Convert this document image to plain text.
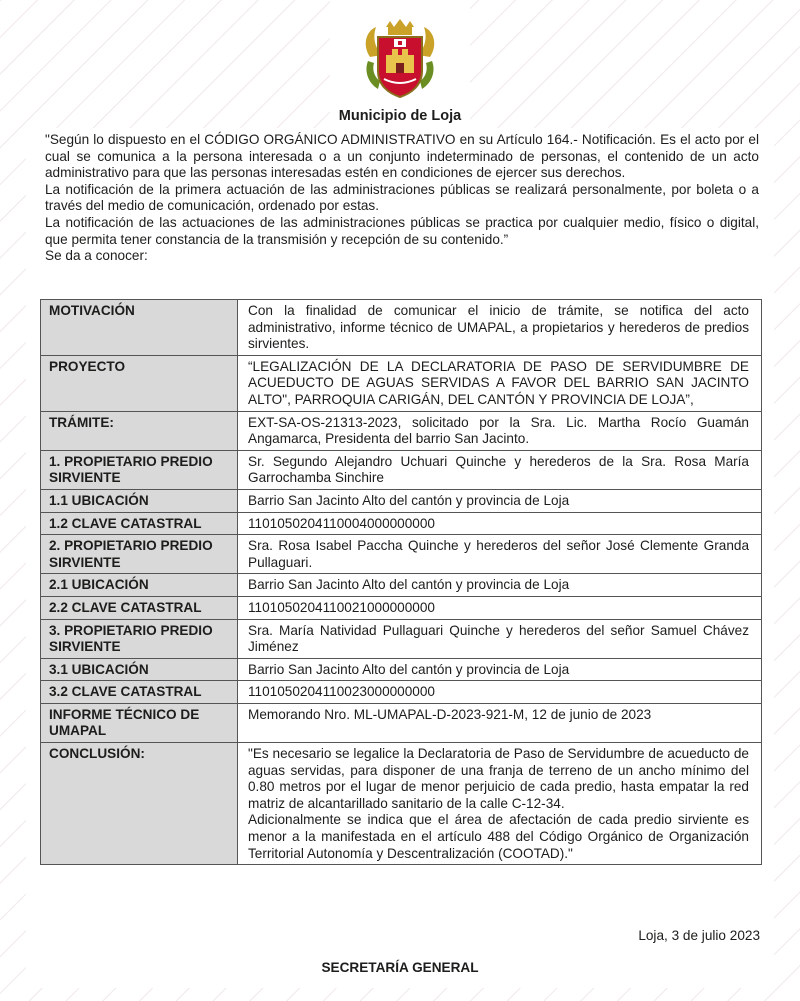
Municipio de Loja

"Según lo dispuesto en el CÓDIGO ORGÁNICO ADMINISTRATIVO en su Artículo 164.- Notificación. Es el acto por el cual se comunica a la persona interesada o a un conjunto indeterminado de personas, el contenido de un acto administrativo para que las personas interesadas estén en condiciones de ejercer sus derechos.

La notificación de la primera actuación de las administraciones públicas se realizará personalmente, por boleta o a través del medio de comunicación, ordenado por estas.

La notificación de las actuaciones de las administraciones públicas se practica por cualquier medio, físico o digital, que permita tener constancia de la transmisión y recepción de su contenido.”

Se da a conocer:

MOTIVACIÓN	Con la finalidad de comunicar el inicio de trámite, se notifica del acto administrativo, informe técnico de UMAPAL, a propietarios y herederos de predios sirvientes.
PROYECTO	“LEGALIZACIÓN DE LA DECLARATORIA DE PASO DE SERVIDUMBRE DE ACUEDUCTO DE AGUAS SERVIDAS A FAVOR DEL BARRIO SAN JACINTO ALTO", PARROQUIA CARIGÁN, DEL CANTÓN Y PROVINCIA DE LOJA”,
TRÁMITE:	EXT-SA-OS-21313-2023, solicitado por la Sra. Lic. Martha Rocío Guamán Angamarca, Presidenta del barrio San Jacinto.
1. PROPIETARIO PREDIO SIRVIENTE	Sr. Segundo Alejandro Uchuari Quinche y herederos de la Sra. Rosa María Garrochamba Sinchire
1.1 UBICACIÓN	Barrio San Jacinto Alto del cantón y provincia de Loja
1.2 CLAVE CATASTRAL	1101050204110004000000000
2. PROPIETARIO PREDIO SIRVIENTE	Sra. Rosa Isabel Paccha Quinche y herederos del señor José Clemente Granda Pullaguari.
2.1 UBICACIÓN	Barrio San Jacinto Alto del cantón y provincia de Loja
2.2 CLAVE CATASTRAL	1101050204110021000000000
3. PROPIETARIO PREDIO SIRVIENTE	Sra. María Natividad Pullaguari Quinche y herederos del señor Samuel Chávez Jiménez
3.1 UBICACIÓN	Barrio San Jacinto Alto del cantón y provincia de Loja
3.2 CLAVE CATASTRAL	1101050204110023000000000
INFORME TÉCNICO DE UMAPAL	Memorando Nro. ML-UMAPAL-D-2023-921-M, 12 de junio de 2023
CONCLUSIÓN:	"Es necesario se legalice la Declaratoria de Paso de Servidumbre de acueducto de aguas servidas, para disponer de una franja de terreno de un ancho mínimo del 0.80 metros por el lugar de menor perjuicio de cada predio, hasta empatar la red matriz de alcantarillado sanitario de la calle C-12-34.
Adicionalmente se indica que el área de afectación de cada predio sirviente es menor a la manifestada en el artículo 488 del Código Orgánico de Organización Territorial Autonomía y Descentralización (COOTAD)."
Loja, 3 de julio 2023
SECRETARÍA GENERAL
